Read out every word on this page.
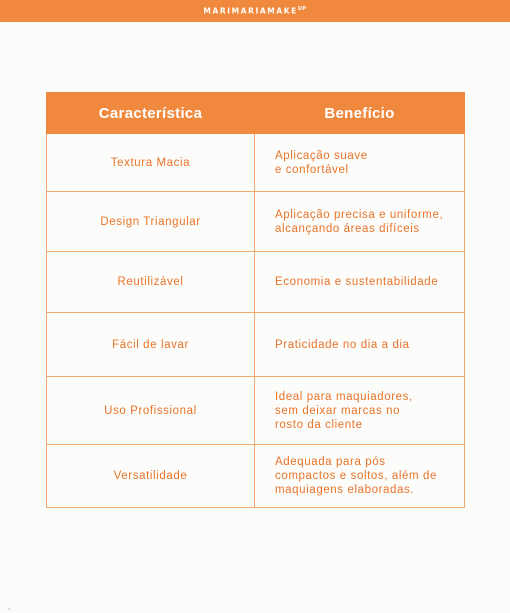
$MARIMARIAMAKE^{UP}$
Característica	Benefício
Textura Macia	Aplicação suave
e confortável

Design Triangular	Aplicação precisa e uniforme,
alcançando áreas difíceis

Reutilizável	Economia e sustentabilidade

Fácil de lavar	Praticidade no dia a dia

Uso Profissional	Ideal para maquiadores,
sem deixar marcas no
rosto da cliente

Versatilidade	Adequada para pós
compactos e soltos, além de
maquiagens elaboradas.
